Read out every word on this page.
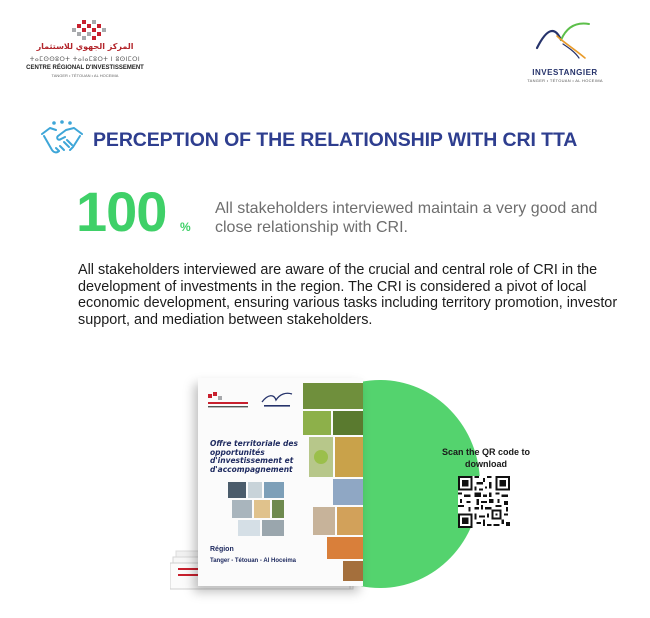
المركز الجهوي للاستثمار
ⵜⴰⵎⵙⵙⵓⵔⵜ ⵜⴰⵏⴰⵎⵓⵔⵜ ⵏ ⵓⵙⵏⵎⵔⵏ
CENTRE RÉGIONAL D'INVESTISSEMENT
TANGER • TÉTOUAN • AL HOCEIMA	INVESTANGIER
TANGER • TÉTOUAN • AL HOCEIMA
PERCEPTION OF THE RELATIONSHIP WITH CRI TTA
100 %
All stakeholders interviewed maintain a very good and close relationship with CRI.
All stakeholders interviewed are aware of the crucial and central role of CRI in the development of investments in the region. The CRI is considered a pivot of local economic development, ensuring various tasks including territory promotion, investor support, and mediation between stakeholders.
Offre territoriale des opportunités d'investissement et d'accompagnement
Région
Tanger - Tétouan - Al Hoceima
Scan the QR code to download
